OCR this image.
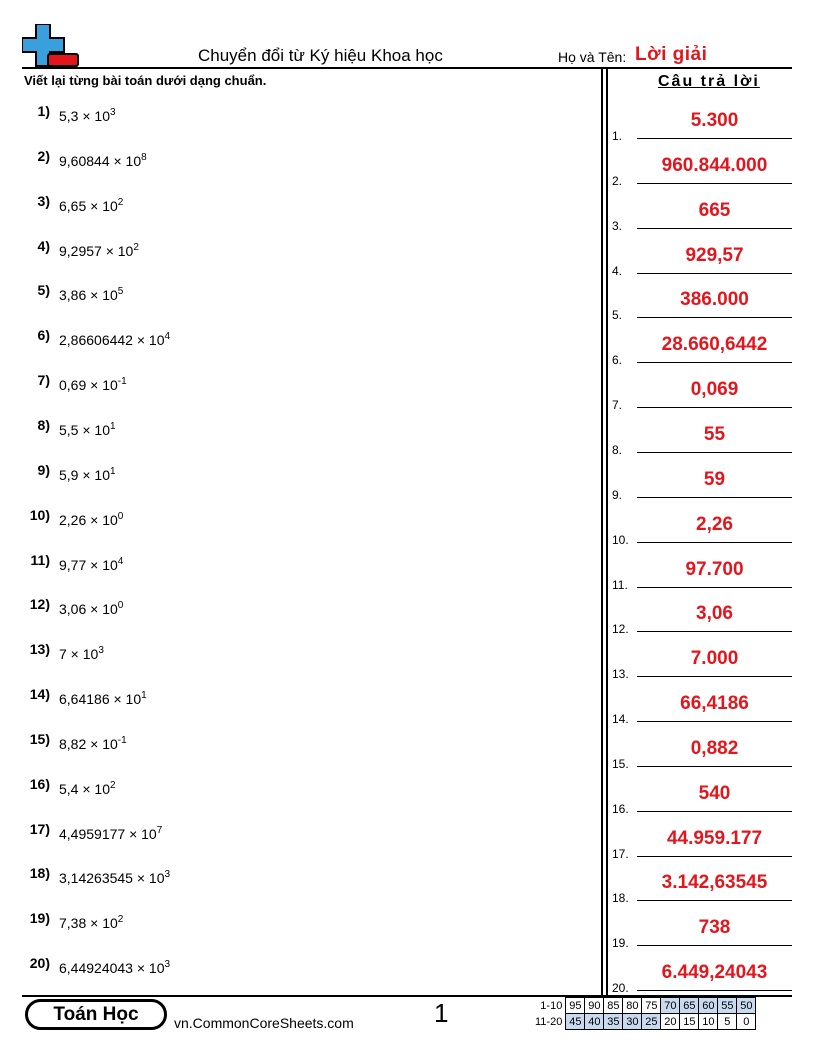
Chuyển đổi từ Ký hiệu Khoa học	Họ và Tên: Lời giải
Viết lại từng bài toán dưới dạng chuẩn.	Câu trả lời
1) $5,3 \times 10^3$
2) $9,60844 \times 10^8$
3) $6,65 \times 10^2$
4) $9,2957 \times 10^2$
5) $3,86 \times 10^5$
6) $2,86606442 \times 10^4$
7) $0,69 \times 10^{-1}$
8) $5,5 \times 10^1$
9) $5,9 \times 10^1$
10) $2,26 \times 10^0$
11) $9,77 \times 10^4$
12) $3,06 \times 10^0$
13) $7 \times 10^3$
14) $6,64186 \times 10^1$
15) $8,82 \times 10^{-1}$
16) $5,4 \times 10^2$
17) $4,4959177 \times 10^7$
18) $3,14263545 \times 10^3$
19) $7,38 \times 10^2$
20) $6,44924043 \times 10^3$
1.
5.300
2.
960.844.000
3.
665
4.
929,57
5.
386.000
6.
28.660,6442
7.
0,069
8.
55
9.
59
10.
2,26
11.
97.700
12.
3,06
13.
7.000
14.
66,4186
15.
0,882
16.
540
17.
44.959.177
18.
3.142,63545
19.
738
20.
6.449,24043
Toán Học	vn.CommonCoreSheets.com	1	1-10	95	90	85	80	75	70	65	60	55	50
11-20	45	40	35	30	25	20	15	10	5	0
